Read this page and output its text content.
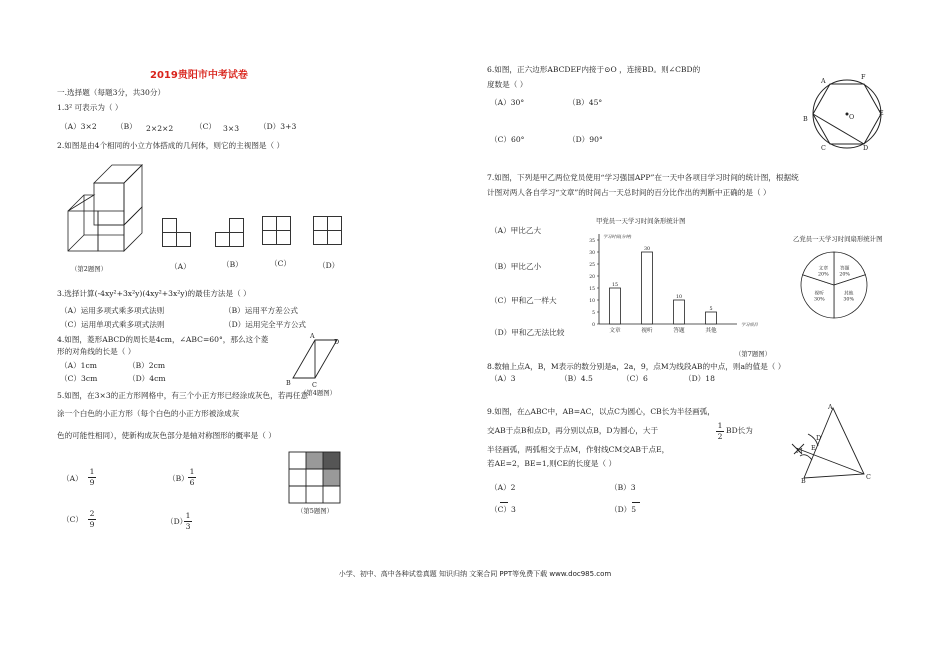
2019贵阳市中考试卷
一.选择题（每题3分，共30分）
1.3² 可表示为（ ）
（A）3×2	（B） 2×2×2	（C） 3×3	（D）3+3
2.如图是由4个相同的小立方体搭成的几何体，则它的主视图是（ ）
（第2题图）	（A）	（B）	（C）	（D）
3.选择计算(-4xy²+3x²y)(4xy²+3x²y)的最佳方法是（ ）
（A）运用多项式乘多项式法则	（B）运用平方差公式
（C）运用单项式乘多项式法则	（D）运用完全平方公式
4.如图，菱形ABCD的周长是4cm，∠ABC=60°，那么这个菱
形的对角线的长是（ ）
（A）1cm	（B）2cm
（C）3cm	（D）4cm
A
D
B	C
（第4题图）
5.如图，在3×3的正方形网格中，有三个小正方形已经涂成灰色，若再任意
涂一个白色的小正方形（每个白色的小正方形被涂成灰
色的可能性相同），使新构成灰色部分是轴对称图形的概率是（ ）
（第5题图）
$(A) \frac{1}{9}$	$(B) \frac{1}{6}$
$(C) \frac{2}{9}$	（D）
$\frac{1}{3}$
6.如图，正六边形ABCDEF内接于⊙O ，连接BD。则∠CBD的
度数是（ ）
（A）30°	（B）45°
（C）60°	（D）90°
A	F
E
B	O
C	D
7.如图，下列是甲乙两位党员使用“学习强国APP”在一天中各项目学习时间的统计图，根据统
计图对两人各自学习“文章”的时间占一天总时间的百分比作出的判断中正确的是（ ）
（A）甲比乙大
（B）甲比乙小
（C）甲和乙一样大
（D）甲和乙无法比较
甲党员一天学习时间条形统计图
0
5
10
15
20
25
30
35
学习时间(分钟)
学习项目
15
文章
30
视听
10
答题
5
其他
乙党员一天学习时间扇形统计图
答题
20%
其他
30%
视听
30%
文章
20%
（第7题图）
8.数轴上点A，B，M表示的数分别是a，2a，9，点M为线段AB的中点，则a的值是（ ）
（A）3	（B）4.5	（C）6	（D）18
9.如图，在△ABC中，AB=AC，以点C为圆心，CB长为半径画弧，
交AB于点B和点D，再分别以点B，D为圆心，大于	$\frac{1}{2}$ BD长为
半径画弧，两弧相交于点M，作射线CM交AB于点E，
若AE=2，BE=1,则CE的长度是（ ）
（A）2	（B）3
（C）3	（D）5
A
D
E
M
B	C
小学、初中、高中各种试卷真题 知识归纳 文案合同 PPT等免费下载 www.doc985.com
